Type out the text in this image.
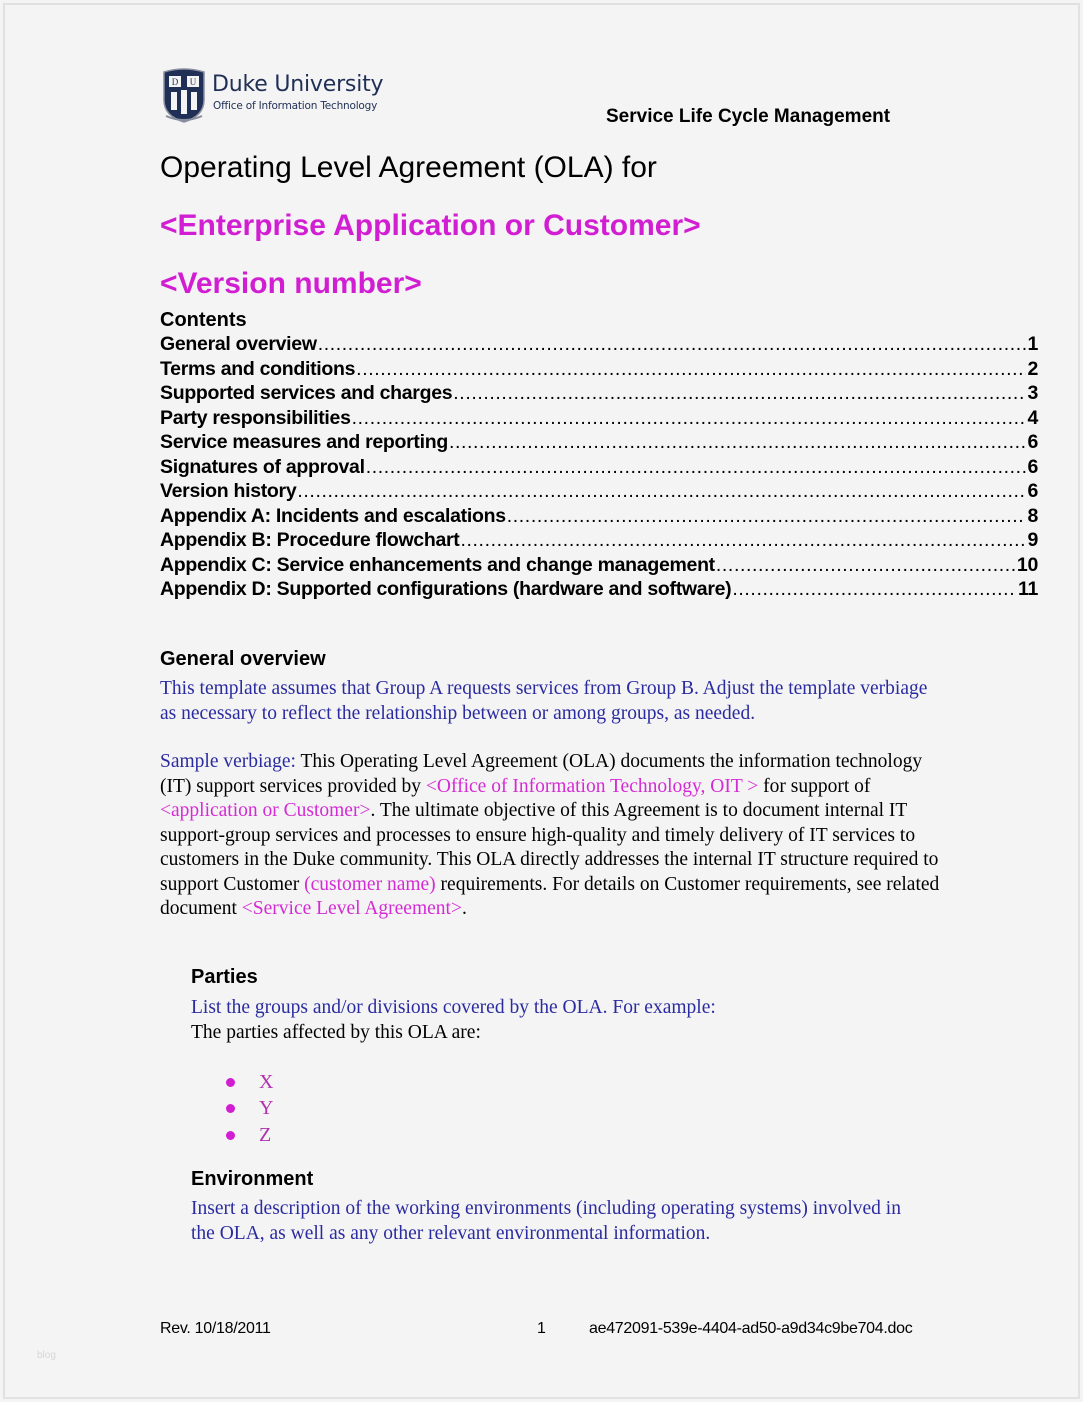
D U Duke University
Office of Information Technology	Service Life Cycle Management
Operating Level Agreement (OLA) for
<Enterprise Application or Customer>
<Version number>
Contents
General overview .....	1
Terms and conditions .....	2
Supported services and charges .....	3
Party responsibilities .....	4
Service measures and reporting .....	6
Signatures of approval .....	6
Version history .....	6
Appendix A: Incidents and escalations .....	8
Appendix B: Procedure flowchart .....	9
Appendix C: Service enhancements and change management .....	10
Appendix D: Supported configurations (hardware and software) .....	11
General overview
This template assumes that Group A requests services from Group B. Adjust the template verbiage as necessary to reflect the relationship between or among groups, as needed.
Sample verbiage: This Operating Level Agreement (OLA) documents the information technology (IT) support services provided by <Office of Information Technology, OIT > for support of <application or Customer>. The ultimate objective of this Agreement is to document internal IT support-group services and processes to ensure high-quality and timely delivery of IT services to customers in the Duke community. This OLA directly addresses the internal IT structure required to support Customer (customer name) requirements. For details on Customer requirements, see related document <Service Level Agreement>.
Parties
List the groups and/or divisions covered by the OLA. For example:
The parties affected by this OLA are:
X
Y
Z
Environment
Insert a description of the working environments (including operating systems) involved in the OLA, as well as any other relevant environmental information.
Rev. 10/18/2011	1	ae472091-539e-4404-ad50-a9d34c9be704.doc
blog
